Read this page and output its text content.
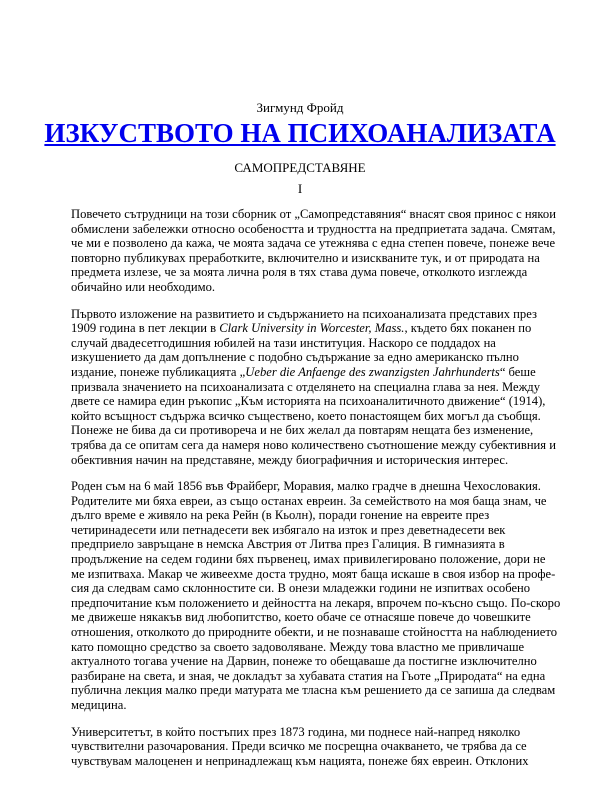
Зигмунд Фройд
ИЗКУСТВОТО НА ПСИХОАНАЛИЗАТА
САМОПРЕДСТАВЯНЕ
I

Повечето сътрудници на този сборник от „Самопредставяния“ внасят своя принос с някои
обмислени забележки относно особеността и трудността на предприетата задача. Смятам,
че ми е позволено да кажа, че моята задача се утежнява с една степен повече, понеже вече
повторно публикувах преработките, включително и изискваните тук, и от природата на
предмета излезе, че за моята лична роля в тях става дума повече, отколкото изглежда
обичайно или необходимо.

Първото изложение на развитието и съдържанието на психоанализата представих през
1909 година в пет лекции в Clark University in Worcester, Mass., където бях поканен по
случай двадесетгодишния юбилей на тази институция. Наскоро се поддадох на
изкушението да дам допълнение с подобно съдържание за едно американско пълно
издание, понеже публикацията „Ueber die Anfaenge des zwanzigsten Jahrhunderts“ беше
призвала значението на психоанализата с отделянето на специална глава за нея. Между
двете се намира един ръкопис „Към историята на психоаналитичното движение“ (1914),
който всъщност съдържа всичко съществено, което понастоящем бих могъл да съобщя.
Понеже не бива да си противореча и не бих желал да повтарям нещата без изменение,
трябва да се опитам сега да намеря ново количествено съотношение между субективния и
обективния начин на представяне, между биографичния и историческия интерес.

Роден съм на 6 май 1856 във Фрайберг, Моравия, малко градче в днешна Чехословакия.
Родителите ми бяха евреи, аз също останах евреин. За семейството на моя баща знам, че
дълго време е живяло на река Рейн (в Кьолн), поради гонение на евреите през
четиринадесети или петнадесети век избягало на изток и през деветнадесети век
предприело завръщане в немска Австрия от Литва през Галиция. В гимназията в
продължение на седем години бях първенец, имах привилегировано положение, дори не
ме изпитваха. Макар че живеехме доста трудно, моят баща искаше в своя избор на профе-
сия да следвам само склонностите си. В онези младежки години не изпитвах особено
предпочитание към положението и дейността на лекаря, впрочем по-късно също. По-скоро
ме движеше някакъв вид любопитство, което обаче се отнасяше повече до човешките
отношения, отколкото до природните обекти, и не познаваше стойността на наблюдението
като помощно средство за своето задоволяване. Между това властно ме привличаше
актуалното тогава учение на Дарвин, понеже то обещаваше да постигне изключително
разбиране на света, и зная, че докладът за хубавата статия на Гьоте „Природата“ на една
публична лекция малко преди матурата ме тласна към решението да се запиша да следвам
медицина.

Университетът, в който постъпих през 1873 година, ми поднесе най-напред няколко
чувствителни разочарования. Преди всичко ме посрещна очакването, че трябва да се
чувствувам малоценен и непринадлежащ към нацията, понеже бях евреин. Отклоних
